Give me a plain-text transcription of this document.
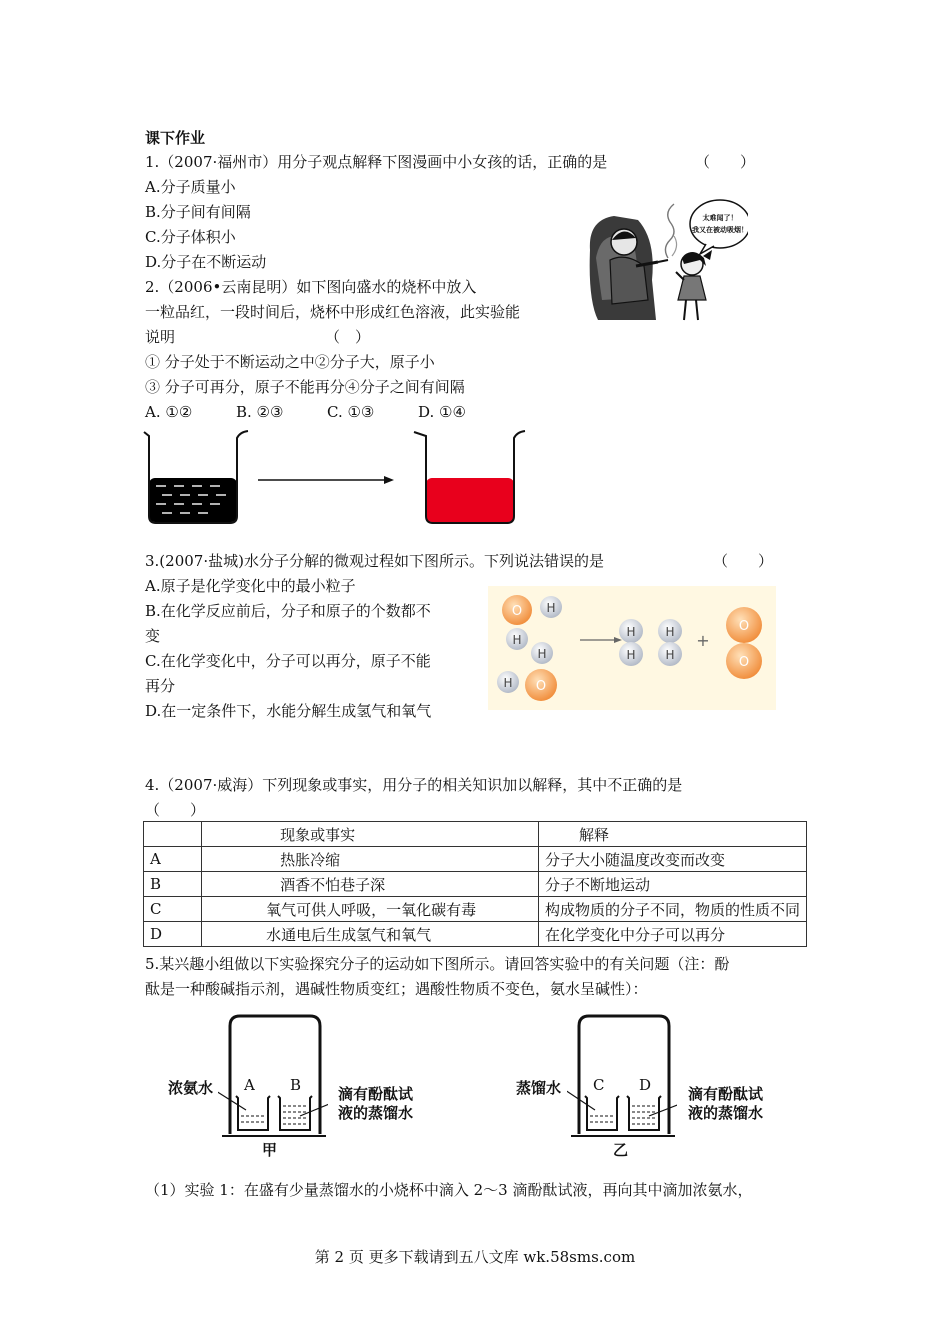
课下作业
1.（2007·福州市）用分子观点解释下图漫画中小女孩的话，正确的是	（　　）
A.分子质量小
B.分子间有间隔
C.分子体积小
D.分子在不断运动
太难闻了！
我又在被动吸烟！
2.（2006•云南昆明）如下图向盛水的烧杯中放入
一粒品红，一段时间后，烧杯中形成红色溶液，此实验能
说明	（　）
① 分子处于不断运动之中②分子大，原子小
③ 分子可再分，原子不能再分④分子之间有间隔
A. ①②	B. ②③	C. ①③	D. ①④
3.(2007·盐城)水分子分解的微观过程如下图所示。下列说法错误的是	（　　）
A.原子是化学变化中的最小粒子
B.在化学反应前后，分子和原子的个数都不
变
C.在化学变化中，分子可以再分，原子不能
再分
D.在一定条件下，水能分解生成氢气和氧气
O H
H
H
H O
H
H
H
H
+
O
O
4.（2007·威海）下列现象或事实，用分子的相关知识加以解释，其中不正确的是
（　　）
	现象或事实	解释
A	热胀冷缩	分子大小随温度改变而改变
B	酒香不怕巷子深	分子不断地运动
C	氧气可供人呼吸，一氧化碳有毒	构成物质的分子不同，物质的性质不同
D	水通电后生成氢气和氧气	在化学变化中分子可以再分
5.某兴趣小组做以下实验探究分子的运动如下图所示。请回答实验中的有关问题（注：酚
酞是一种酸碱指示剂，遇碱性物质变红；遇酸性物质不变色，氨水呈碱性）：
浓氨水 A B 滴有酚酞试
液的蒸馏水
甲
蒸馏水 C D 滴有酚酞试
液的蒸馏水
乙
（1）实验 1：在盛有少量蒸馏水的小烧杯中滴入 2～3 滴酚酞试液，再向其中滴加浓氨水，
第 2 页 更多下载请到五八文库 wk.58sms.com
